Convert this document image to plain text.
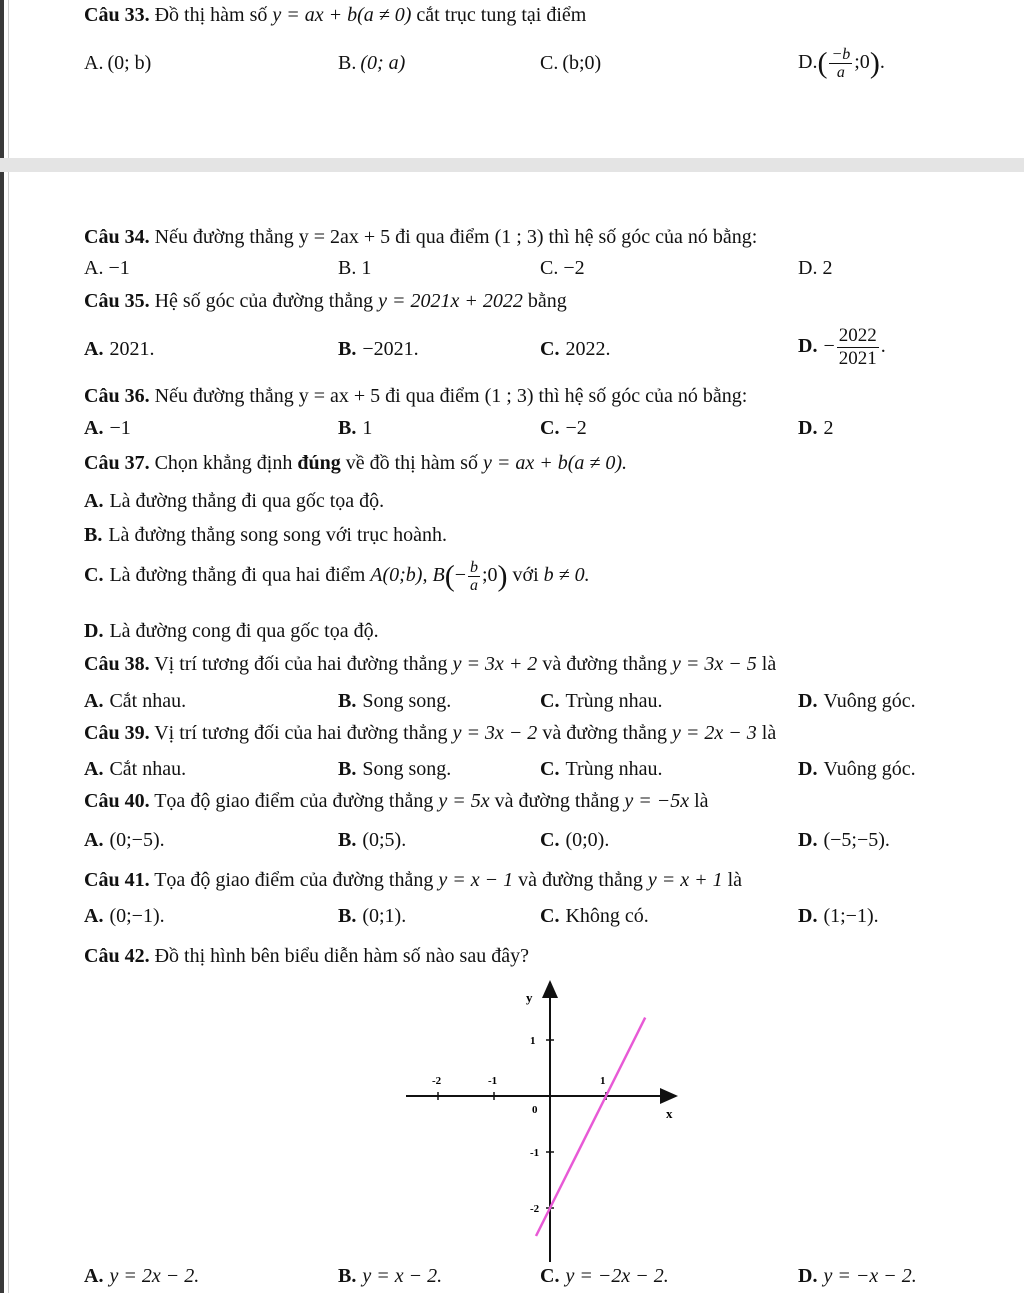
Câu 33. Đồ thị hàm số y = ax + b(a ≠ 0) cắt trục tung tại điểm
A. (0; b)	B. (0; a)	C. (b;0)	$D.( \frac{-b}{a}$ ;0).
Câu 34. Nếu đường thẳng y = 2ax + 5 đi qua điểm (1 ; 3) thì hệ số góc của nó bằng:
A. −1	B. 1	C. −2	D. 2
Câu 35. Hệ số góc của đường thẳng y = 2021x + 2022 bằng
A. 2021.	B. −2021.	C. 2022.	D. − $\frac{2022}{2021}$ .
Câu 36. Nếu đường thẳng y = ax + 5 đi qua điểm (1 ; 3) thì hệ số góc của nó bằng:
A. −1	B. 1	C. −2	D. 2
Câu 37. Chọn khẳng định đúng về đồ thị hàm số y = ax + b(a ≠ 0).
A. Là đường thẳng đi qua gốc tọa độ.
B. Là đường thẳng song song với trục hoành.
C. Là đường thẳng đi qua hai điểm A(0;b), $B(- \frac{b}{a}$ ;0) với b ≠ 0.
D. Là đường cong đi qua gốc tọa độ.
Câu 38. Vị trí tương đối của hai đường thẳng y = 3x + 2 và đường thẳng y = 3x − 5 là
A. Cắt nhau.	B. Song song.	C. Trùng nhau.	D. Vuông góc.
Câu 39. Vị trí tương đối của hai đường thẳng y = 3x − 2 và đường thẳng y = 2x − 3 là
A. Cắt nhau.	B. Song song.	C. Trùng nhau.	D. Vuông góc.
Câu 40. Tọa độ giao điểm của đường thẳng y = 5x và đường thẳng y = −5x là
A. (0;−5).	B. (0;5).	C. (0;0).	D. (−5;−5).
Câu 41. Tọa độ giao điểm của đường thẳng y = x − 1 và đường thẳng y = x + 1 là
A. (0;−1).	B. (0;1).	C. Không có.	D. (1;−1).
Câu 42. Đồ thị hình bên biểu diễn hàm số nào sau đây?
y
x
0
-2	-1	1
1
-1
-2
A. y = 2x − 2.	B. y = x − 2.	C. y = −2x − 2.	D. y = −x − 2.
